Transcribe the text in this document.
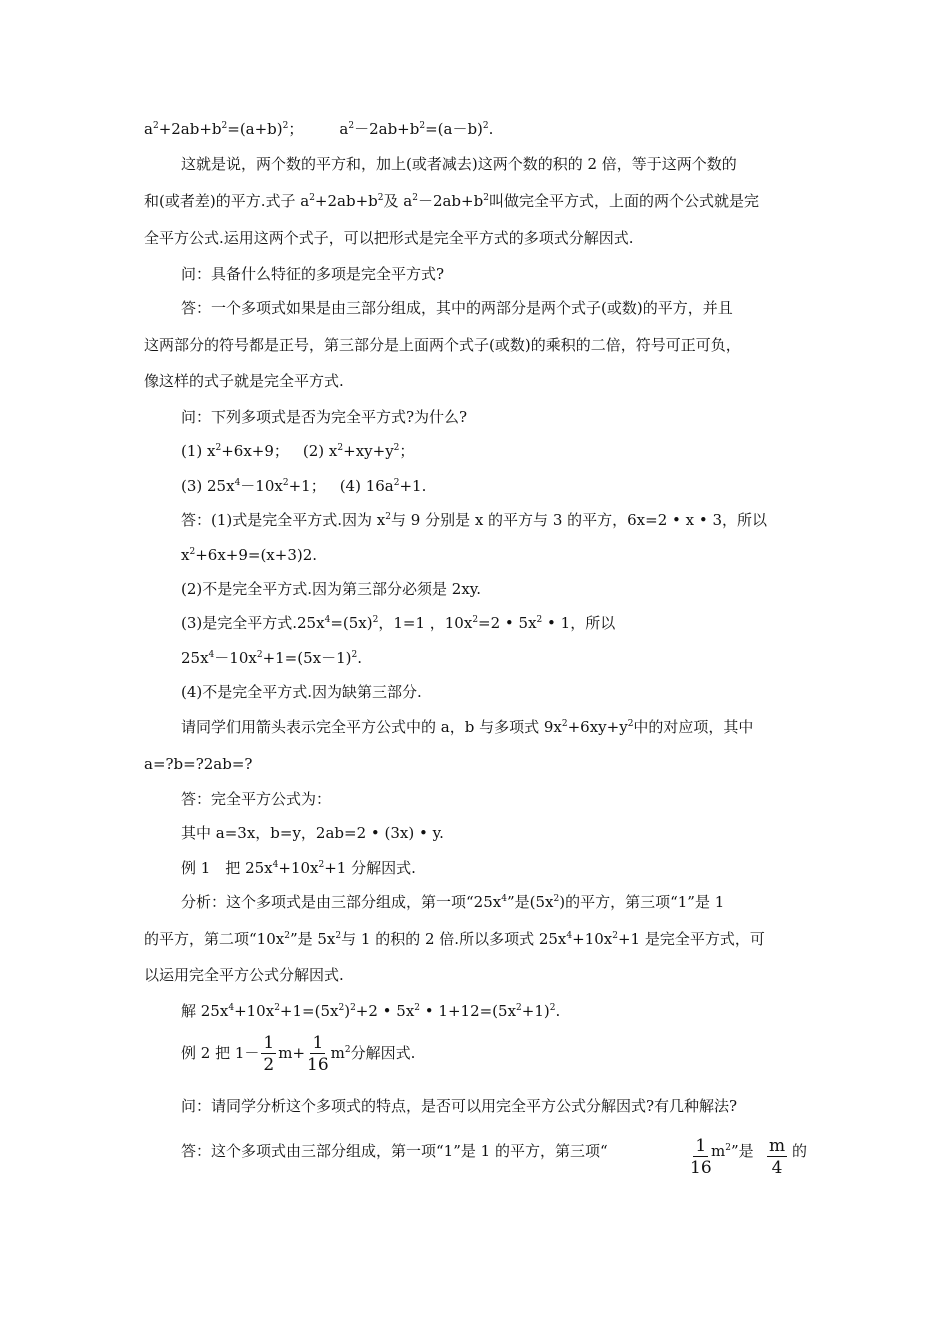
$a^2+2ab+b^2=(a+b)^2$； $a^2-2ab+b^2=(a-b)^2$.
这就是说，两个数的平方和，加上(或者减去)这两个数的积的 2 倍，等于这两个数的
和(或者差)的平方.式子 $a^2+2ab+b^2$及 $a^2-2ab+b^2$叫做完全平方式，上面的两个公式就是完
全平方公式.运用这两个式子，可以把形式是完全平方式的多项式分解因式.
问：具备什么特征的多项是完全平方式?
答：一个多项式如果是由三部分组成，其中的两部分是两个式子(或数)的平方，并且
这两部分的符号都是正号，第三部分是上面两个式子(或数)的乘积的二倍，符号可正可负，
像这样的式子就是完全平方式.
问：下列多项式是否为完全平方式?为什么?
(1) $x^2+6x+9$； (2) $x^2+xy+y^2$；
(3) $25x^4-10x^2+1$； (4) $16a^2+1$.
答：(1)式是完全平方式.因为 $x^2$与 9 分别是 x 的平方与 3 的平方，6x=2 • x • 3，所以
$x^2+6x+9=(x+3)2$.
(2)不是完全平方式.因为第三部分必须是 2xy.
(3)是完全平方式$.25x^4=(5x)^2$，1=1 ，$10x^2=2$ • $5x^2$ • 1，所以
$25x^4-10x^2+1=(5x-1)^2$.
(4)不是完全平方式.因为缺第三部分.
请同学们用箭头表示完全平方公式中的 a，b 与多项式 $9x^2+6xy+y^2$中的对应项，其中
a=?b=?2ab=?
答：完全平方公式为：
其中 a=3x，b=y，2ab=2 • (3x) • y.
例 1　把 $25x^4+10x^2+1$ 分解因式.
分析：这个多项式是由三部分组成，第一项“$25x^4$”是$(5x^2)$的平方，第三项“1”是 1
的平方，第二项“$10x^2$”是 $5x^2$与 1 的积的 2 倍.所以多项式 $25x^4+10x^2+1$ 是完全平方式，可
以运用完全平方公式分解因式.
解 $25x^4+10x^2+1=(5x^2)^2+2$ • $5x^2$ • $1+12=(5x^2+1)^2$.
例 2 把 $1- \frac{1}{2} m+ \frac{1}{16} m^2$分解因式.
问：请同学分析这个多项式的特点，是否可以用完全平方公式分解因式?有几种解法?
答：这个多项式由三部分组成，第一项“1”是 1 的平方，第三项“	$\frac{1}{16} m^2$”是 $\frac{m}{4}$ 的
